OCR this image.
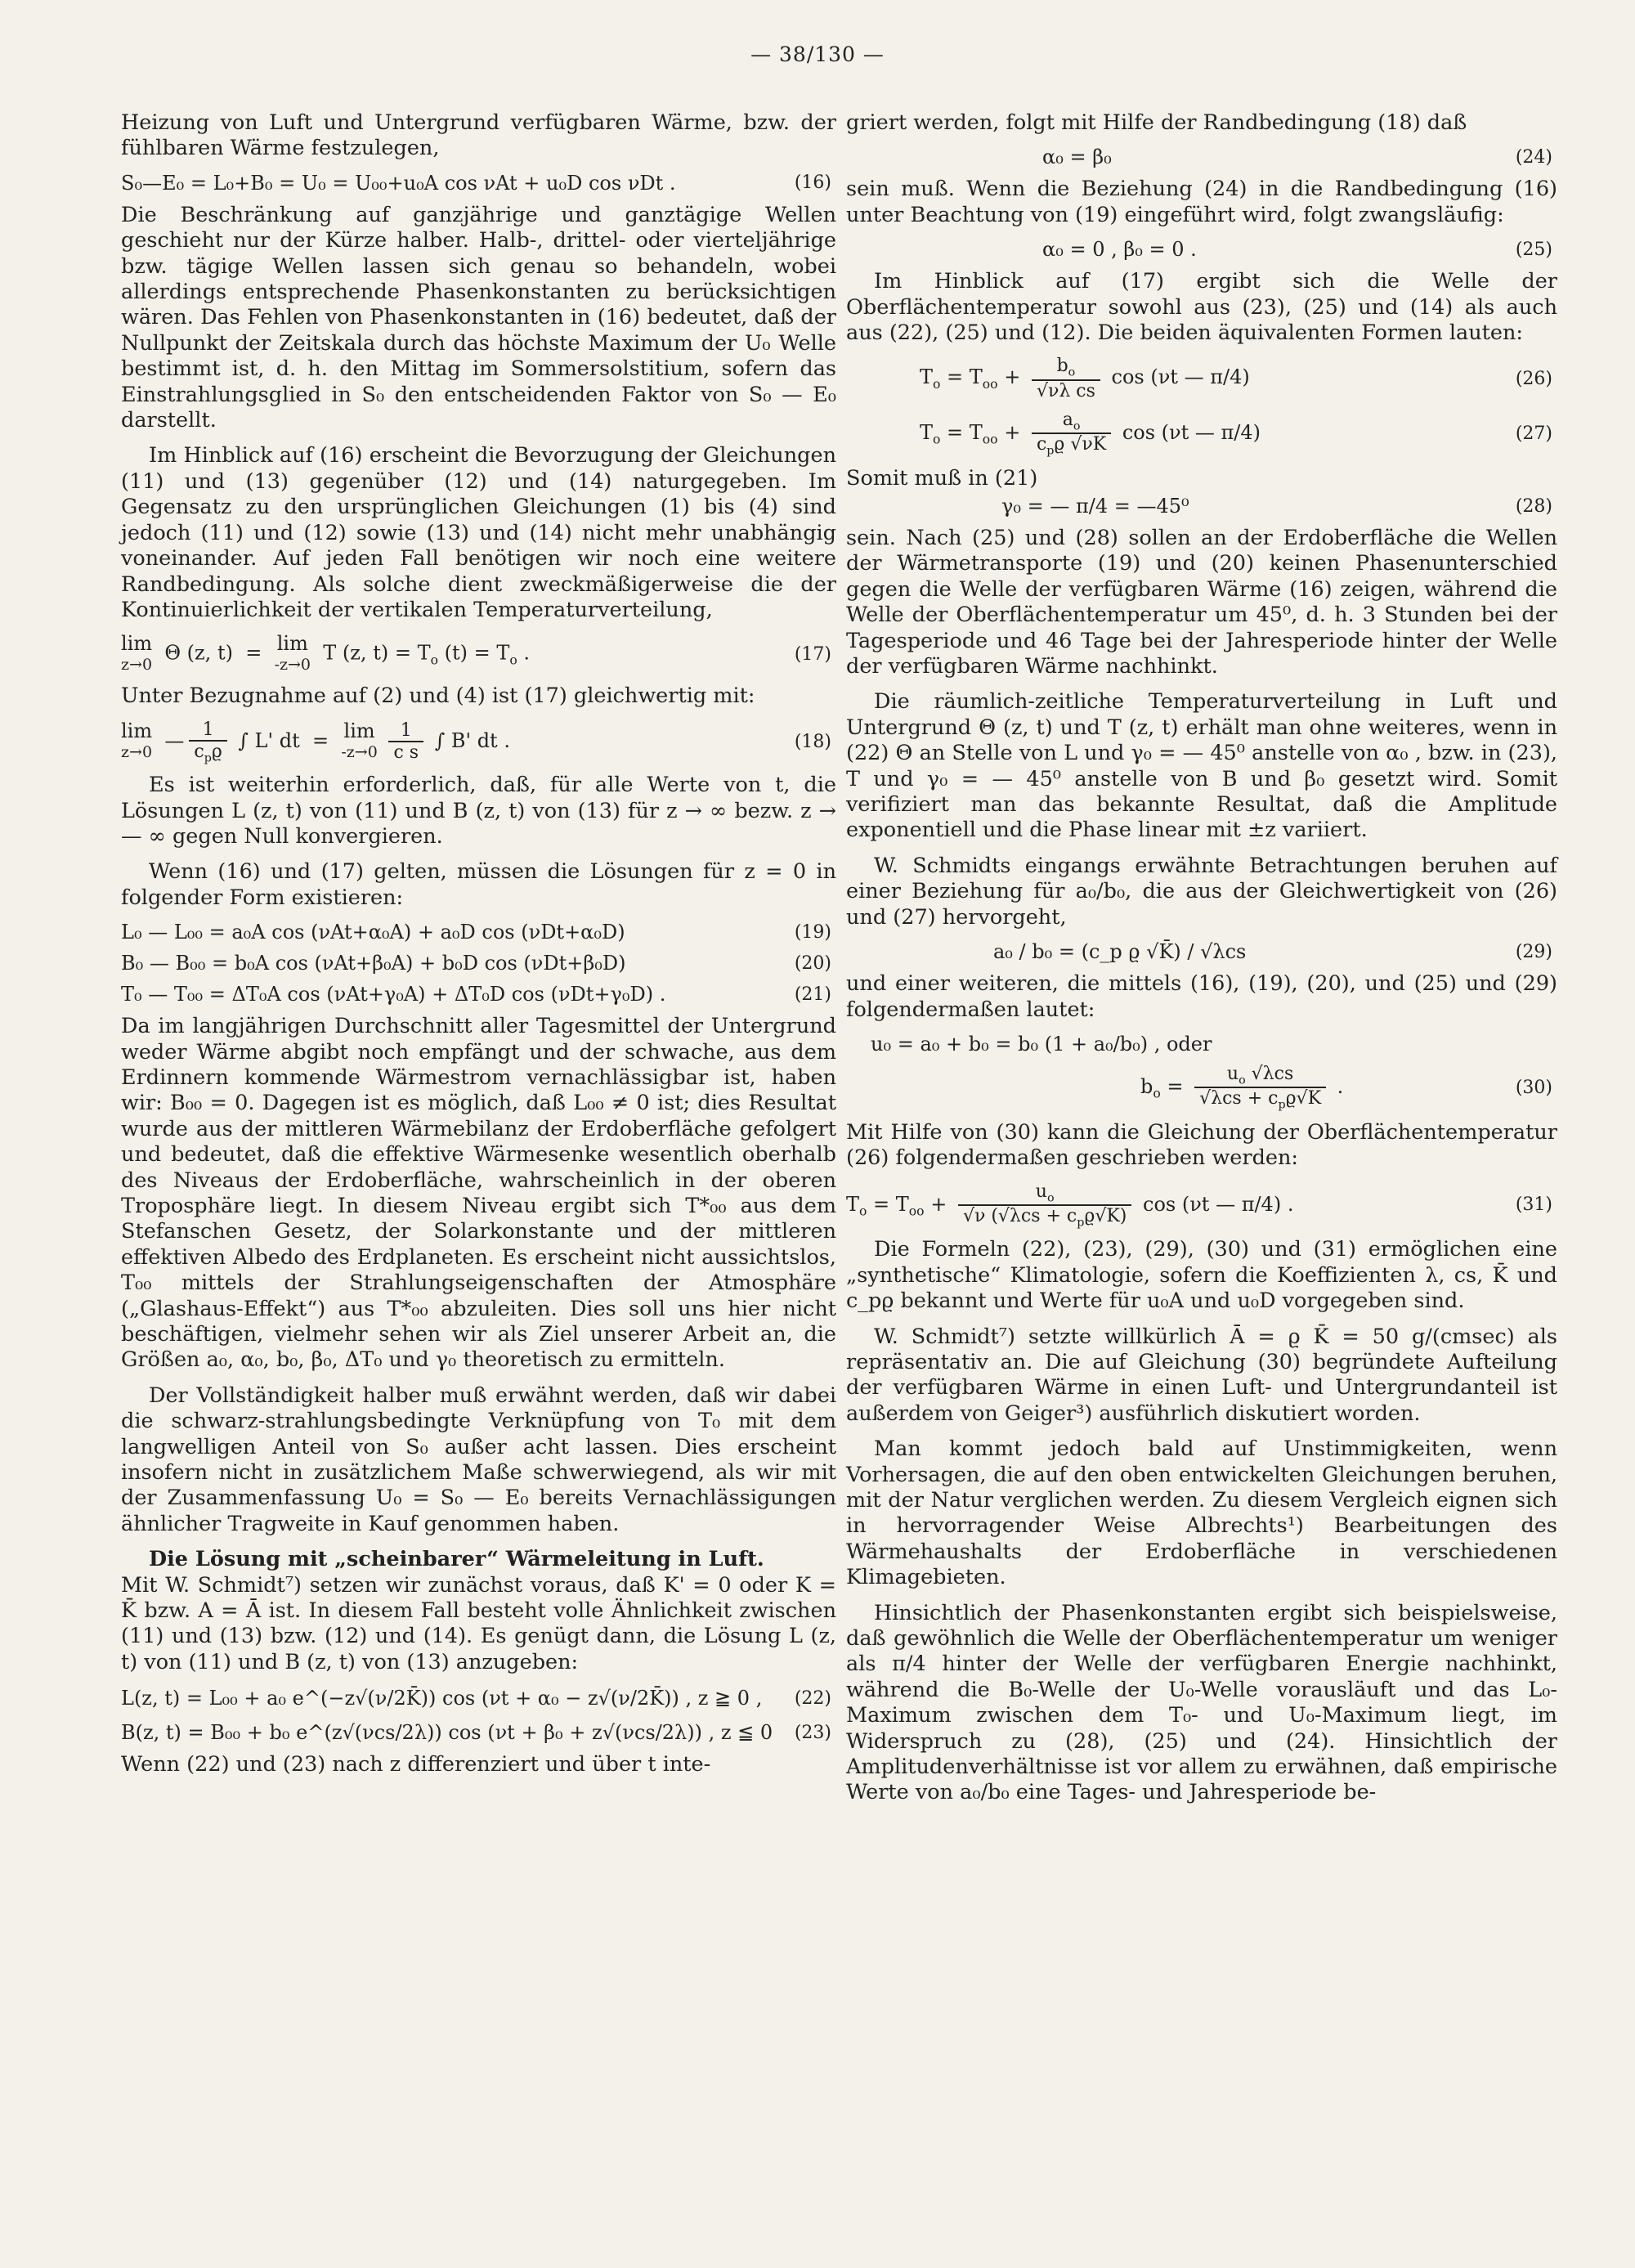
— 38/130 —

Heizung von Luft und Untergrund verfügbaren Wärme, bzw. der fühlbaren Wärme festzulegen,

S₀—E₀ = L₀+B₀ = U₀ = U₀₀+u₀A cos νAt + u₀D cos νDt .	(16)

Die Beschränkung auf ganzjährige und ganztägige Wellen geschieht nur der Kürze halber. Halb-, drittel- oder vierteljährige bzw. tägige Wellen lassen sich genau so behandeln, wobei allerdings entsprechende Phasenkonstanten zu berücksichtigen wären. Das Fehlen von Phasenkonstanten in (16) bedeutet, daß der Nullpunkt der Zeitskala durch das höchste Maximum der U₀ Welle bestimmt ist, d. h. den Mittag im Sommersolstitium, sofern das Einstrahlungsglied in S₀ den entscheidenden Faktor von S₀ — E₀ darstellt.

Im Hinblick auf (16) erscheint die Bevorzugung der Gleichungen (11) und (13) gegenüber (12) und (14) naturgegeben. Im Gegensatz zu den ursprünglichen Gleichungen (1) bis (4) sind jedoch (11) und (12) sowie (13) und (14) nicht mehr unabhängig voneinander. Auf jeden Fall benötigen wir noch eine weitere Randbedingung. Als solche dient zweckmäßigerweise die der Kontinuierlichkeit der vertikalen Temperaturverteilung,

lim
z→0
Θ (z, t)  =  lim
-z→0
T (z, $t) = T_o$ $(t) = T_o$ .	(17)

Unter Bezugnahme auf (2) und (4) ist (17) gleichwertig mit:

lim
z→0
— $\frac{1}{c_pϱ}$ ∫ L' dt  =  lim
-z→0
$\frac{1}{\text{c s}}$ ∫ B' dt .	(18)

Es ist weiterhin erforderlich, daß, für alle Werte von t, die Lösungen L (z, t) von (11) und B (z, t) von (13) für z → ∞ bezw. z → — ∞ gegen Null konvergieren.

Wenn (16) und (17) gelten, müssen die Lösungen für z = 0 in folgender Form existieren:

L₀ — L₀₀ = a₀A cos (νAt+α₀A) + a₀D cos (νDt+α₀D)	(19)
B₀ — B₀₀ = b₀A cos (νAt+β₀A) + b₀D cos (νDt+β₀D)	(20)
T₀ — T₀₀ = ΔT₀A cos (νAt+γ₀A) + ΔT₀D cos (νDt+γ₀D) .	(21)

Da im langjährigen Durchschnitt aller Tagesmittel der Untergrund weder Wärme abgibt noch empfängt und der schwache, aus dem Erdinnern kommende Wärmestrom vernachlässigbar ist, haben wir: B₀₀ = 0. Dagegen ist es möglich, daß L₀₀ ≠ 0 ist; dies Resultat wurde aus der mittleren Wärmebilanz der Erdoberfläche gefolgert und bedeutet, daß die effektive Wärmesenke wesentlich oberhalb des Niveaus der Erdoberfläche, wahrscheinlich in der oberen Troposphäre liegt. In diesem Niveau ergibt sich T*₀₀ aus dem Stefanschen Gesetz, der Solarkonstante und der mittleren effektiven Albedo des Erdplaneten. Es erscheint nicht aussichtslos, T₀₀ mittels der Strahlungseigenschaften der Atmosphäre („Glashaus-Effekt“) aus T*₀₀ abzuleiten. Dies soll uns hier nicht beschäftigen, vielmehr sehen wir als Ziel unserer Arbeit an, die Größen a₀, α₀, b₀, β₀, ΔT₀ und γ₀ theoretisch zu ermitteln.

Der Vollständigkeit halber muß erwähnt werden, daß wir dabei die schwarz-strahlungsbedingte Verknüpfung von T₀ mit dem langwelligen Anteil von S₀ außer acht lassen. Dies erscheint insofern nicht in zusätzlichem Maße schwerwiegend, als wir mit der Zusammenfassung U₀ = S₀ — E₀ bereits Vernachlässigungen ähnlicher Tragweite in Kauf genommen haben.

Die Lösung mit „scheinbarer“ Wärmeleitung in Luft.

Mit W. Schmidt⁷) setzen wir zunächst voraus, daß K' = 0 oder K = K̄ bzw. A = Ā ist. In diesem Fall besteht volle Ähnlichkeit zwischen (11) und (13) bzw. (12) und (14). Es genügt dann, die Lösung L (z, t) von (11) und B (z, t) von (13) anzugeben:

L(z, t) = L₀₀ + a₀ e^(−z√(ν/2K̄)) cos (νt + α₀ − z√(ν/2K̄)) , z ≧ 0 , (22)
B(z, t) = B₀₀ + b₀ e^(z√(νcs/2λ)) cos (νt + β₀ + z√(νcs/2λ)) , z ≦ 0 (23)

Wenn (22) und (23) nach z differenziert und über t inte-

griert werden, folgt mit Hilfe der Randbedingung (18) daß

α₀ = β₀	(24)

sein muß. Wenn die Beziehung (24) in die Randbedingung (16) unter Beachtung von (19) eingeführt wird, folgt zwangsläufig:

α₀ = 0 , β₀ = 0 .	(25)

Im Hinblick auf (17) ergibt sich die Welle der Oberflächentemperatur sowohl aus (23), (25) und (14) als auch aus (22), (25) und (12). Die beiden äquivalenten Formen lauten:

$T_o = T_{oo} + \frac{b_o}{\text{√νλ cs}}$ cos (νt — π/4)	(26)
$T_o = T_{oo} + \frac{a_o}{c_pϱ √\nu K̄}$ cos (νt — π/4)	(27)

Somit muß in (21)

γ₀ = — π/4 = —45⁰	(28)

sein. Nach (25) und (28) sollen an der Erdoberfläche die Wellen der Wärmetransporte (19) und (20) keinen Phasenunterschied gegen die Welle der verfügbaren Wärme (16) zeigen, während die Welle der Oberflächentemperatur um 45⁰, d. h. 3 Stunden bei der Tagesperiode und 46 Tage bei der Jahresperiode hinter der Welle der verfügbaren Wärme nachhinkt.

Die räumlich-zeitliche Temperaturverteilung in Luft und Untergrund Θ (z, t) und T (z, t) erhält man ohne weiteres, wenn in (22) Θ an Stelle von L und γ₀ = — 45⁰ anstelle von α₀ , bzw. in (23), T und γ₀ = — 45⁰ anstelle von B und β₀ gesetzt wird. Somit verifiziert man das bekannte Resultat, daß die Amplitude exponentiell und die Phase linear mit ±z variiert.

W. Schmidts eingangs erwähnte Betrachtungen beruhen auf einer Beziehung für a₀/b₀, die aus der Gleichwertigkeit von (26) und (27) hervorgeht,

a₀ / b₀ = (c_p ϱ √K̄) / √λcs	(29)

und einer weiteren, die mittels (16), (19), (20), und (25) und (29) folgendermaßen lautet:

u₀ = a₀ + b₀ = b₀ (1 + a₀/b₀) , oder
$b_o = \frac{u_o √\lambda cs}{√\lambda cs + c_pϱ√K̄}$ .	(30)

Mit Hilfe von (30) kann die Gleichung der Oberflächentemperatur (26) folgendermaßen geschrieben werden:

$T_o = T_{oo} + \frac{u_o}{√\nu (√\lambda cs + c_pϱ√K̄)}$ cos (νt — π/4) .	(31)

Die Formeln (22), (23), (29), (30) und (31) ermöglichen eine „synthetische“ Klimatologie, sofern die Koeffizienten λ, cs, K̄ und c_pϱ bekannt und Werte für u₀A und u₀D vorgegeben sind.

W. Schmidt⁷) setzte willkürlich Ā = ϱ K̄ = 50 g/(cmsec) als repräsentativ an. Die auf Gleichung (30) begründete Aufteilung der verfügbaren Wärme in einen Luft- und Untergrundanteil ist außerdem von Geiger³) ausführlich diskutiert worden.

Man kommt jedoch bald auf Unstimmigkeiten, wenn Vorhersagen, die auf den oben entwickelten Gleichungen beruhen, mit der Natur verglichen werden. Zu diesem Vergleich eignen sich in hervorragender Weise Albrechts¹) Bearbeitungen des Wärmehaushalts der Erdoberfläche in verschiedenen Klimagebieten.

Hinsichtlich der Phasenkonstanten ergibt sich beispielsweise, daß gewöhnlich die Welle der Oberflächentemperatur um weniger als π/4 hinter der Welle der verfügbaren Energie nachhinkt, während die B₀-Welle der U₀-Welle vorausläuft und das L₀-Maximum zwischen dem T₀- und U₀-Maximum liegt, im Widerspruch zu (28), (25) und (24). Hinsichtlich der Amplitudenverhältnisse ist vor allem zu erwähnen, daß empirische Werte von a₀/b₀ eine Tages- und Jahresperiode be-
